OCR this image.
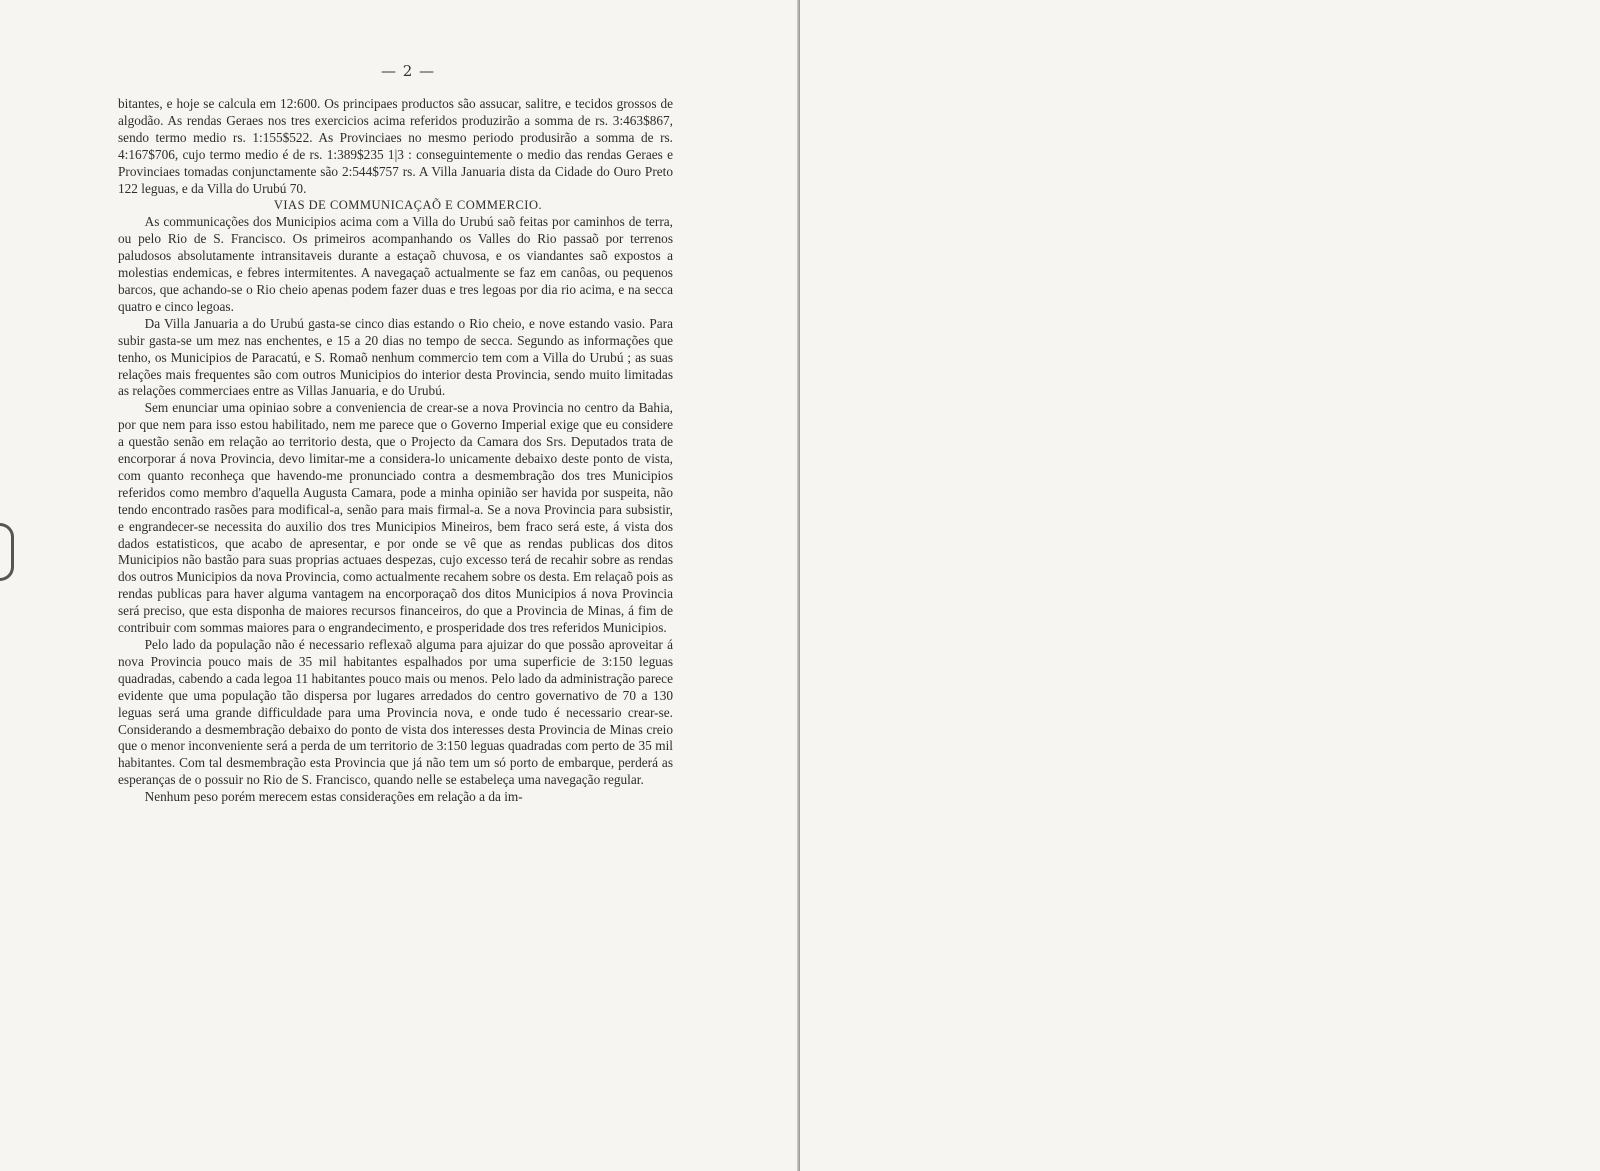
— 2 —

bitantes, e hoje se calcula em 12:600. Os principaes productos são assucar, salitre, e tecidos grossos de algodão. As rendas Geraes nos tres exercicios acima referidos produzirão a somma de rs. 3:463$867, sendo termo medio rs. 1:155$522. As Provinciaes no mesmo periodo produsirão a somma de rs. 4:167$706, cujo termo medio é de rs. 1:389$235 1|3 : conseguintemente o medio das rendas Geraes e Provinciaes tomadas conjunctamente são 2:544$757 rs. A Villa Januaria dista da Cidade do Ouro Preto 122 leguas, e da Villa do Urubú 70.

VIAS DE COMMUNICAÇAÕ E COMMERCIO.

As communicações dos Municipios acima com a Villa do Urubú saõ feitas por caminhos de terra, ou pelo Rio de S. Francisco. Os primeiros acompanhando os Valles do Rio passaõ por terrenos paludosos absolutamente intransitaveis durante a estaçaõ chuvosa, e os viandantes saõ expostos a molestias endemicas, e febres intermitentes. A navegaçaõ actualmente se faz em canôas, ou pequenos barcos, que achando-se o Rio cheio apenas podem fazer duas e tres legoas por dia rio acima, e na secca quatro e cinco legoas.

Da Villa Januaria a do Urubú gasta-se cinco dias estando o Rio cheio, e nove estando vasio. Para subir gasta-se um mez nas enchentes, e 15 a 20 dias no tempo de secca. Segundo as informações que tenho, os Municipios de Paracatú, e S. Romaõ nenhum commercio tem com a Villa do Urubú ; as suas relações mais frequentes são com outros Municipios do interior desta Provincia, sendo muito limitadas as relações commerciaes entre as Villas Januaria, e do Urubú.

Sem enunciar uma opiniao sobre a conveniencia de crear-se a nova Provincia no centro da Bahia, por que nem para isso estou habilitado, nem me parece que o Governo Imperial exige que eu considere a questão senão em relação ao territorio desta, que o Projecto da Camara dos Srs. Deputados trata de encorporar á nova Provincia, devo limitar-me a considera-lo unicamente debaixo deste ponto de vista, com quanto reconheça que havendo-me pronunciado contra a desmembração dos tres Municipios referidos como membro d'aquella Augusta Camara, pode a minha opinião ser havida por suspeita, não tendo encontrado rasões para modifical-a, senão para mais firmal-a. Se a nova Provincia para subsistir, e engrandecer-se necessita do auxilio dos tres Municipios Mineiros, bem fraco será este, á vista dos dados estatisticos, que acabo de apresentar, e por onde se vê que as rendas publicas dos ditos Municipios não bastão para suas proprias actuaes despezas, cujo excesso terá de recahir sobre as rendas dos outros Municipios da nova Provincia, como actualmente recahem sobre os desta. Em relaçaõ pois as rendas publicas para haver alguma vantagem na encorporaçaõ dos ditos Municipios á nova Provincia será preciso, que esta disponha de maiores recursos financeiros, do que a Provincia de Minas, á fim de contribuir com sommas maiores para o engrandecimento, e prosperidade dos tres referidos Municipios.

Pelo lado da população não é necessario reflexaõ alguma para ajuizar do que possão aproveitar á nova Provincia pouco mais de 35 mil habitantes espalhados por uma superficie de 3:150 leguas quadradas, cabendo a cada legoa 11 habitantes pouco mais ou menos. Pelo lado da administração parece evidente que uma população tão dispersa por lugares arredados do centro governativo de 70 a 130 leguas será uma grande difficuldade para uma Provincia nova, e onde tudo é necessario crear-se. Considerando a desmembração debaixo do ponto de vista dos interesses desta Provincia de Minas creio que o menor inconveniente será a perda de um territorio de 3:150 leguas quadradas com perto de 35 mil habitantes. Com tal desmembração esta Provincia que já não tem um só porto de embarque, perderá as esperanças de o possuir no Rio de S. Francisco, quando nelle se estabeleça uma navegação regular.

Nenhum peso porém merecem estas considerações em relação a da im-
